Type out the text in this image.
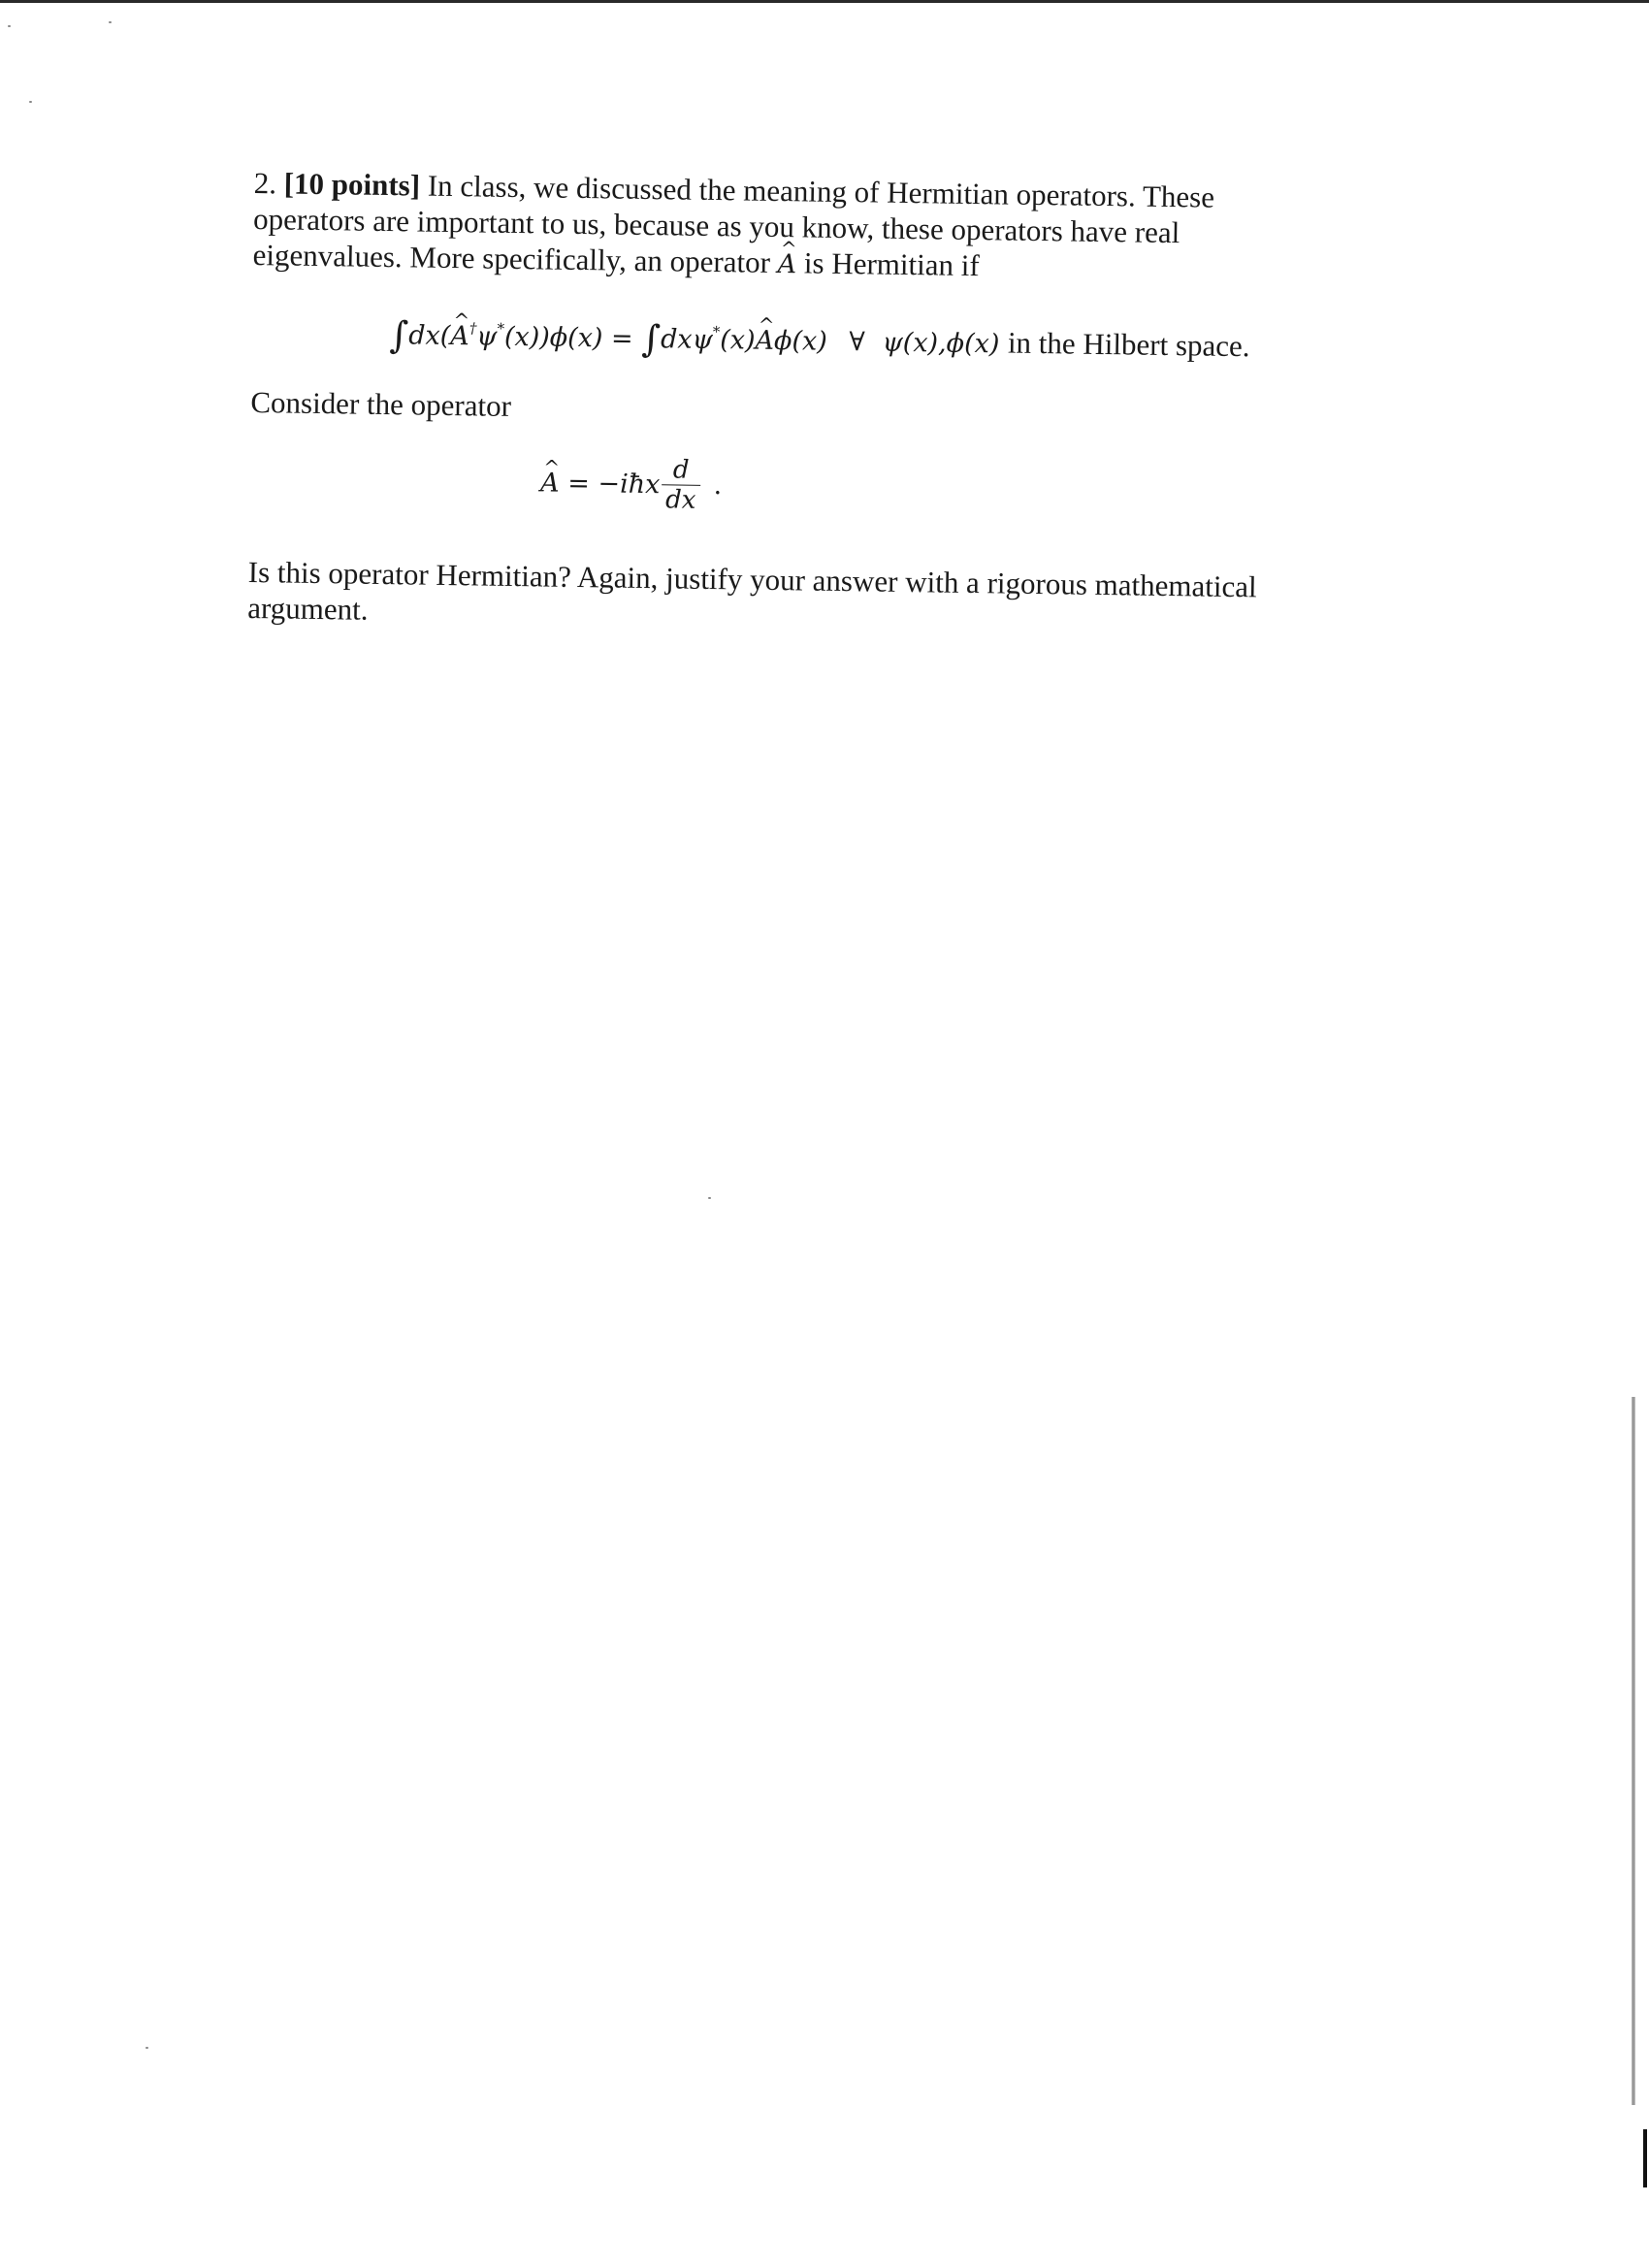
2. [10 points] In class, we discussed the meaning of Hermitian operators. These operators are important to us, because as you know, these operators have real eigenvalues. More specifically, an operator ^ A is Hermitian if

∫dx(^ A†ψ*(x))ϕ(x) = ∫dxψ*(x)^ Aϕ(x) ∀ ψ(x),ϕ(x) in the Hilbert space.

Consider the operator

^ A = −iħx $\frac{d}{dx}$ .

Is this operator Hermitian? Again, justify your answer with a rigorous mathematical argument.
